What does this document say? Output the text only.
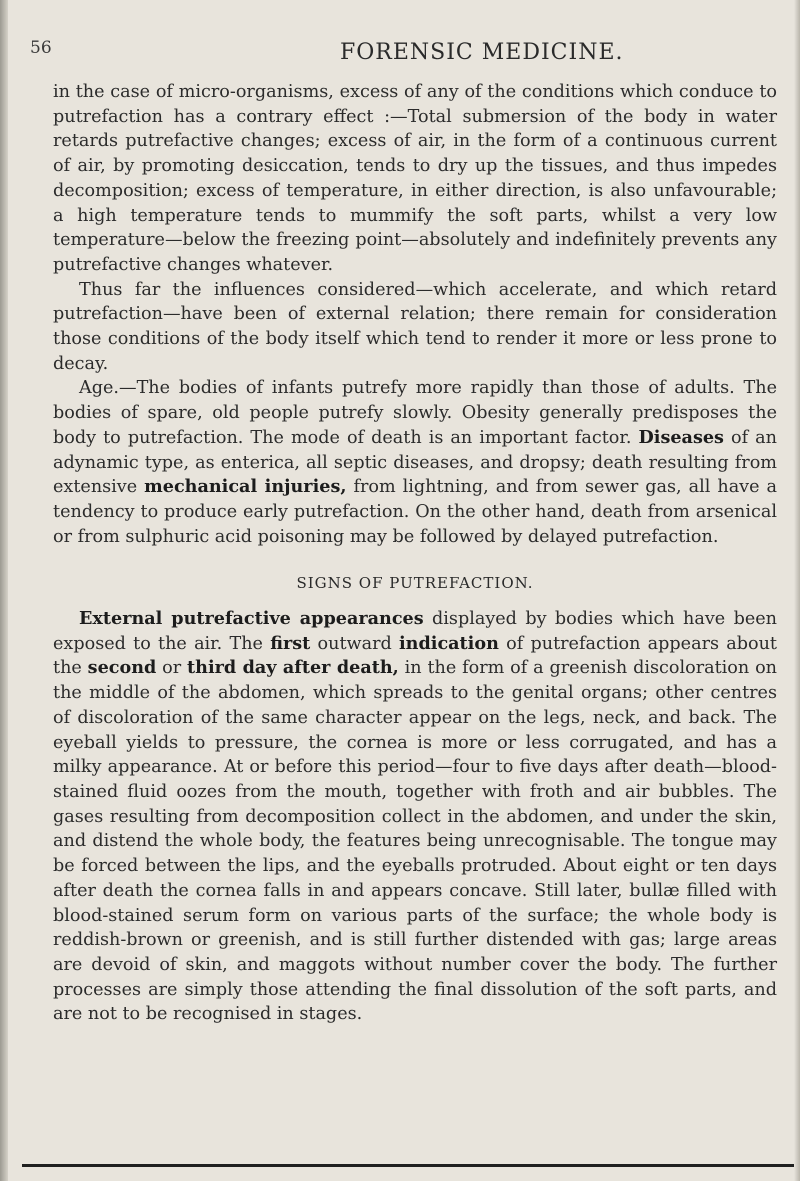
56	FORENSIC MEDICINE.

in the case of micro-organisms, excess of any of the conditions which conduce to putrefaction has a contrary effect :—Total submersion of the body in water retards putrefactive changes; excess of air, in the form of a continuous current of air, by promoting desiccation, tends to dry up the tissues, and thus impedes decomposition; excess of temperature, in either direction, is also unfavourable; a high temperature tends to mummify the soft parts, whilst a very low temperature—below the freezing point—absolutely and indefinitely prevents any putrefactive changes whatever.

Thus far the influences considered—which accelerate, and which retard putrefaction—have been of external relation; there remain for consideration those conditions of the body itself which tend to render it more or less prone to decay.

Age.—The bodies of infants putrefy more rapidly than those of adults. The bodies of spare, old people putrefy slowly. Obesity generally predisposes the body to putrefaction. The mode of death is an important factor. Diseases of an adynamic type, as enterica, all septic diseases, and dropsy; death resulting from extensive mechanical injuries, from lightning, and from sewer gas, all have a tendency to produce early putrefaction. On the other hand, death from arsenical or from sulphuric acid poisoning may be followed by delayed putrefaction.

SIGNS OF PUTREFACTION.

External putrefactive appearances displayed by bodies which have been exposed to the air. The first outward indication of putrefaction appears about the second or third day after death, in the form of a greenish discoloration on the middle of the abdomen, which spreads to the genital organs; other centres of discoloration of the same character appear on the legs, neck, and back. The eyeball yields to pressure, the cornea is more or less corrugated, and has a milky appearance. At or before this period—four to five days after death—blood-stained fluid oozes from the mouth, together with froth and air bubbles. The gases resulting from decomposition collect in the abdomen, and under the skin, and distend the whole body, the features being unrecognisable. The tongue may be forced between the lips, and the eyeballs protruded. About eight or ten days after death the cornea falls in and appears concave. Still later, bullæ filled with blood-stained serum form on various parts of the surface; the whole body is reddish-brown or greenish, and is still further distended with gas; large areas are devoid of skin, and maggots without number cover the body. The further processes are simply those attending the final dissolution of the soft parts, and are not to be recognised in stages.
